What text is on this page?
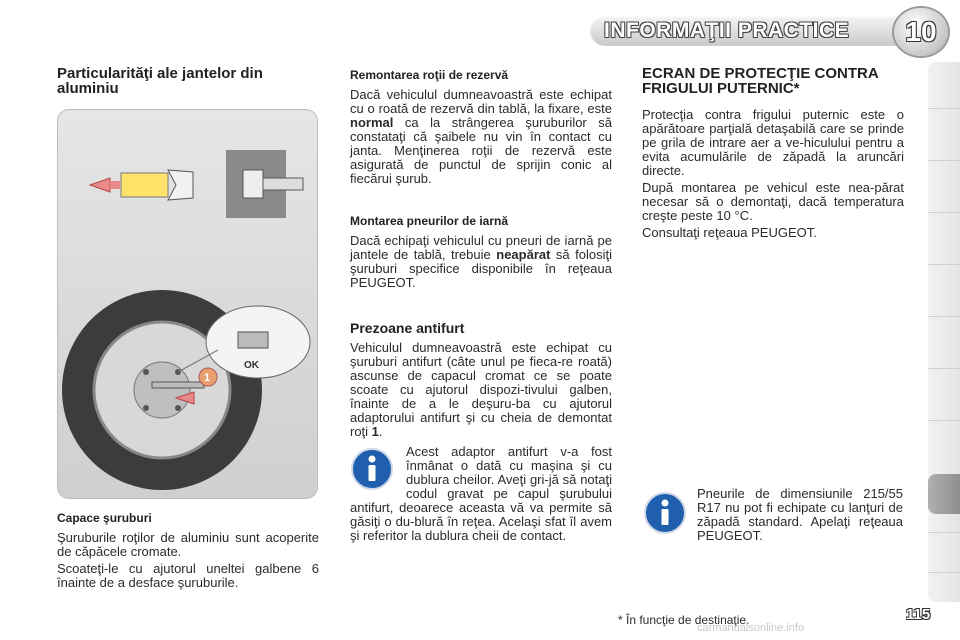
INFORMAŢII PRACTICE	10
Particularităţi ale jantelor din aluminiu
1
OK
Capace şuruburi

Şuruburile roţilor de aluminiu sunt acoperite de căpăcele cromate.

Scoateţi-le cu ajutorul uneltei galbene 6 înainte de a desface şuruburile.

Remontarea roţii de rezervă

Dacă vehiculul dumneavoastră este echipat cu o roată de rezervă din tablă, la fixare, este normal ca la strângerea şuruburilor să constataţi că şaibele nu vin în contact cu janta. Menţinerea roţii de rezervă este asigurată de punctul de sprijin conic al fiecărui şurub.

Montarea pneurilor de iarnă

Dacă echipaţi vehiculul cu pneuri de iarnă pe jantele de tablă, trebuie neapărat să folosiţi şuruburi specifice disponibile în reţeaua PEUGEOT.

Prezoane antifurt

Vehiculul dumneavoastră este echipat cu şuruburi antifurt (câte unul pe fieca-re roată) ascunse de capacul cromat ce se poate scoate cu ajutorul dispozi-tivului galben, înainte de a le deşuru-ba cu ajutorul adaptorului antifurt şi cu cheia de demontat roţi 1.

Acest adaptor antifurt v-a fost înmânat o dată cu maşina şi cu dublura cheilor. Aveţi gri-jă să notaţi codul gravat pe capul şurubului antifurt, deoarece aceasta vă va permite să găsiţi o du-blură în reţea. Acelaşi sfat îl avem şi referitor la dublura cheii de contact.

ECRAN DE PROTECŢIE CONTRA FRIGULUI PUTERNIC*

Protecţia contra frigului puternic este o apărătoare parţială detaşabilă care se prinde pe grila de intrare aer a ve-hiculului pentru a evita acumulările de zăpadă la aruncări directe.

După montarea pe vehicul este nea-părat necesar să o demontaţi, dacă temperatura creşte peste 10 °C.

Consultaţi reţeaua PEUGEOT.

Pneurile de dimensiunile 215/55 R17 nu pot fi echipate cu lanţuri de zăpadă standard. Apelaţi reţeaua PEUGEOT.

* În funcţie de destinaţie.
carmanualsonline.info
115
